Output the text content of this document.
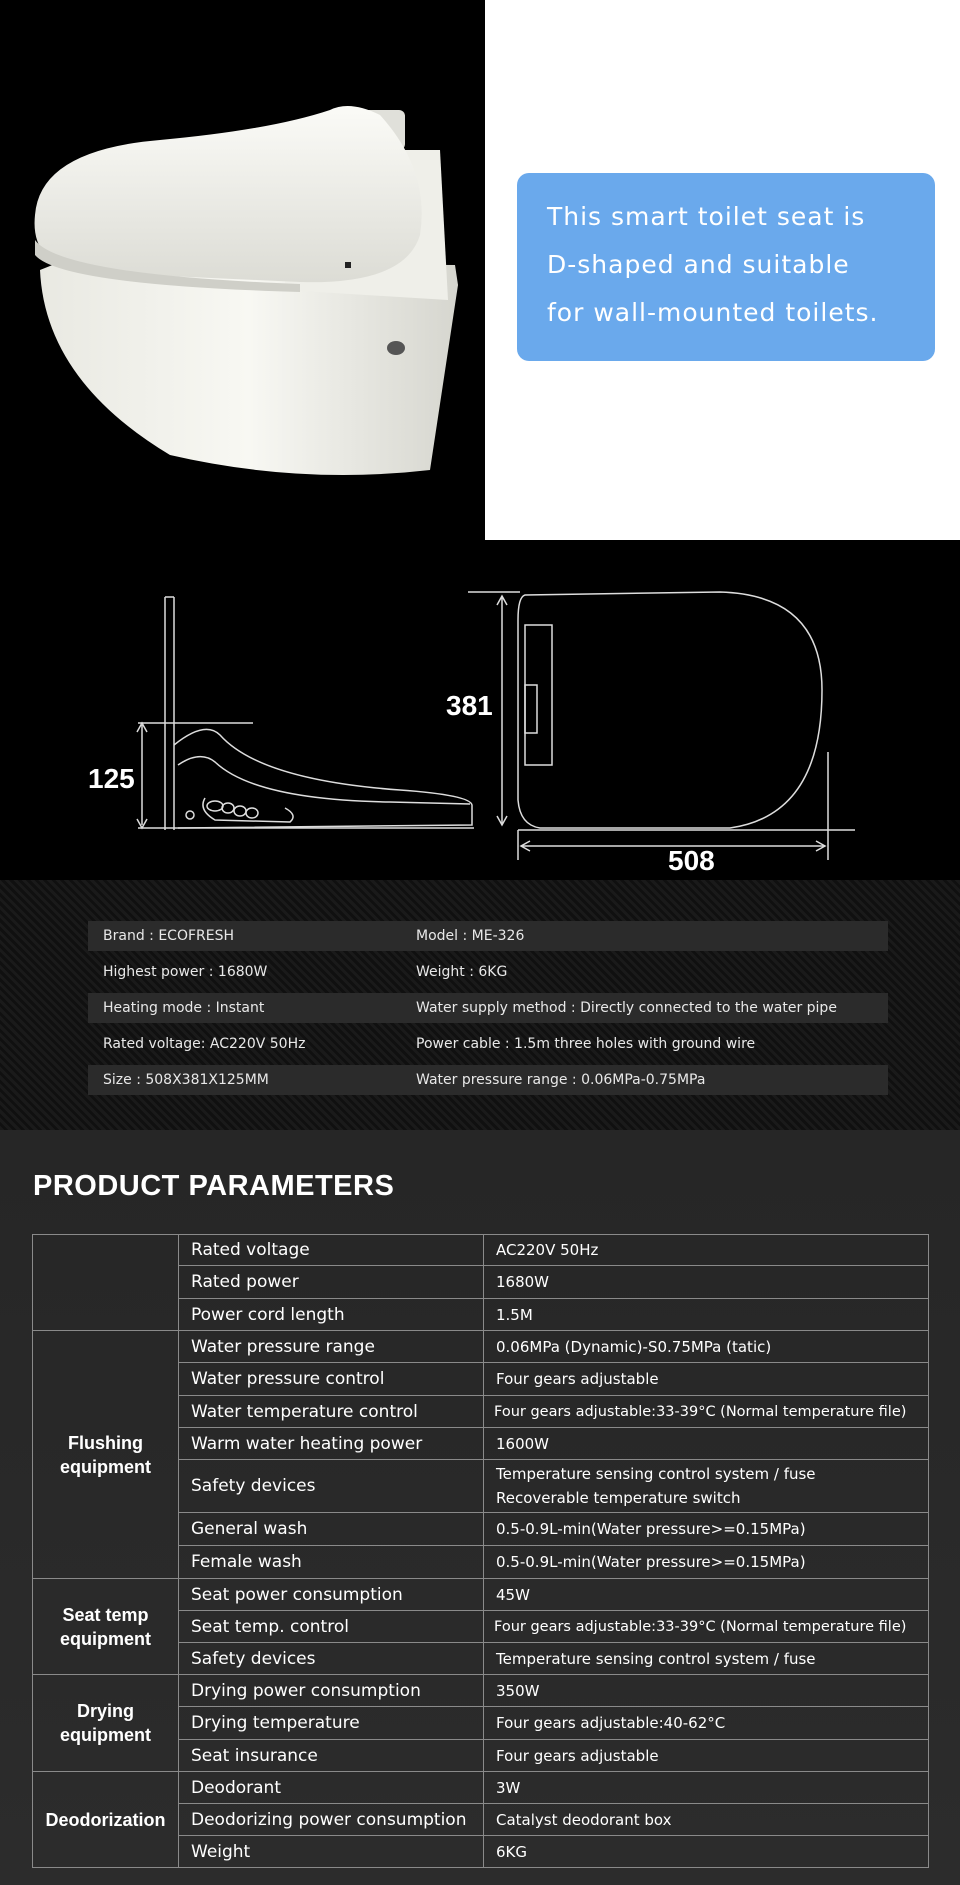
This smart toilet seat is
D-shaped and suitable
for wall-mounted toilets.
125
381
508
Brand : ECOFRESH	Model : ME-326
Highest power : 1680W	Weight : 6KG
Heating mode : Instant	Water supply method : Directly connected to the water pipe
Rated voltage: AC220V 50Hz	Power cable : 1.5m three holes with ground wire
Size : 508X381X125MM	Water pressure range : 0.06MPa-0.75MPa
PRODUCT PARAMETERS
	Rated voltage	AC220V 50Hz
	Rated power	1680W
	Power cord length	1.5M
Flushing equipment	Water pressure range	0.06MPa (Dynamic)-S0.75MPa (tatic)
	Water pressure control	Four gears adjustable
	Water temperature control	Four gears adjustable:33-39°C (Normal temperature file)
	Warm water heating power	1600W
	Safety devices	Temperature sensing control system / fuse
Recoverable temperature switch

	General wash	0.5-0.9L-min(Water pressure>=0.15MPa)
	Female wash	0.5-0.9L-min(Water pressure>=0.15MPa)
Seat temp equipment	Seat power consumption	45W
	Seat temp. control	Four gears adjustable:33-39°C (Normal temperature file)
	Safety devices	Temperature sensing control system / fuse
Drying equipment	Drying power consumption	350W
	Drying temperature	Four gears adjustable:40-62°C
	Seat insurance	Four gears adjustable
Deodorization	Deodorant	3W
	Deodorizing power consumption	Catalyst deodorant box
	Weight	6KG
